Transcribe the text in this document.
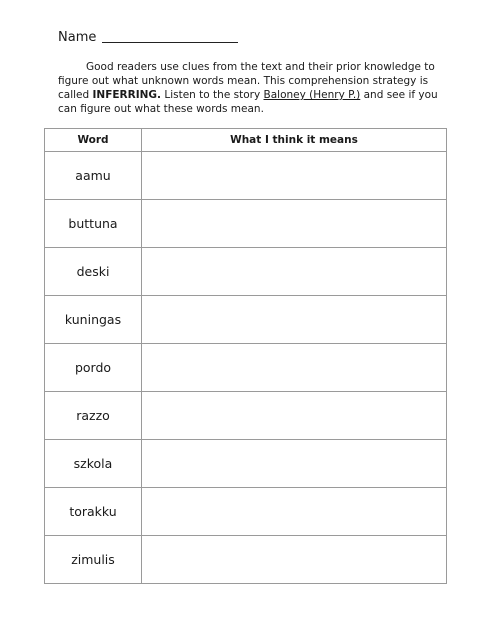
Name

Good readers use clues from the text and their prior knowledge to figure out what unknown words mean. This comprehension strategy is called INFERRING. Listen to the story Baloney (Henry P.) and see if you can figure out what these words mean.

Word	What I think it means
aamu	
buttuna	
deski	
kuningas	
pordo	
razzo	
szkola	
torakku	
zimulis	
